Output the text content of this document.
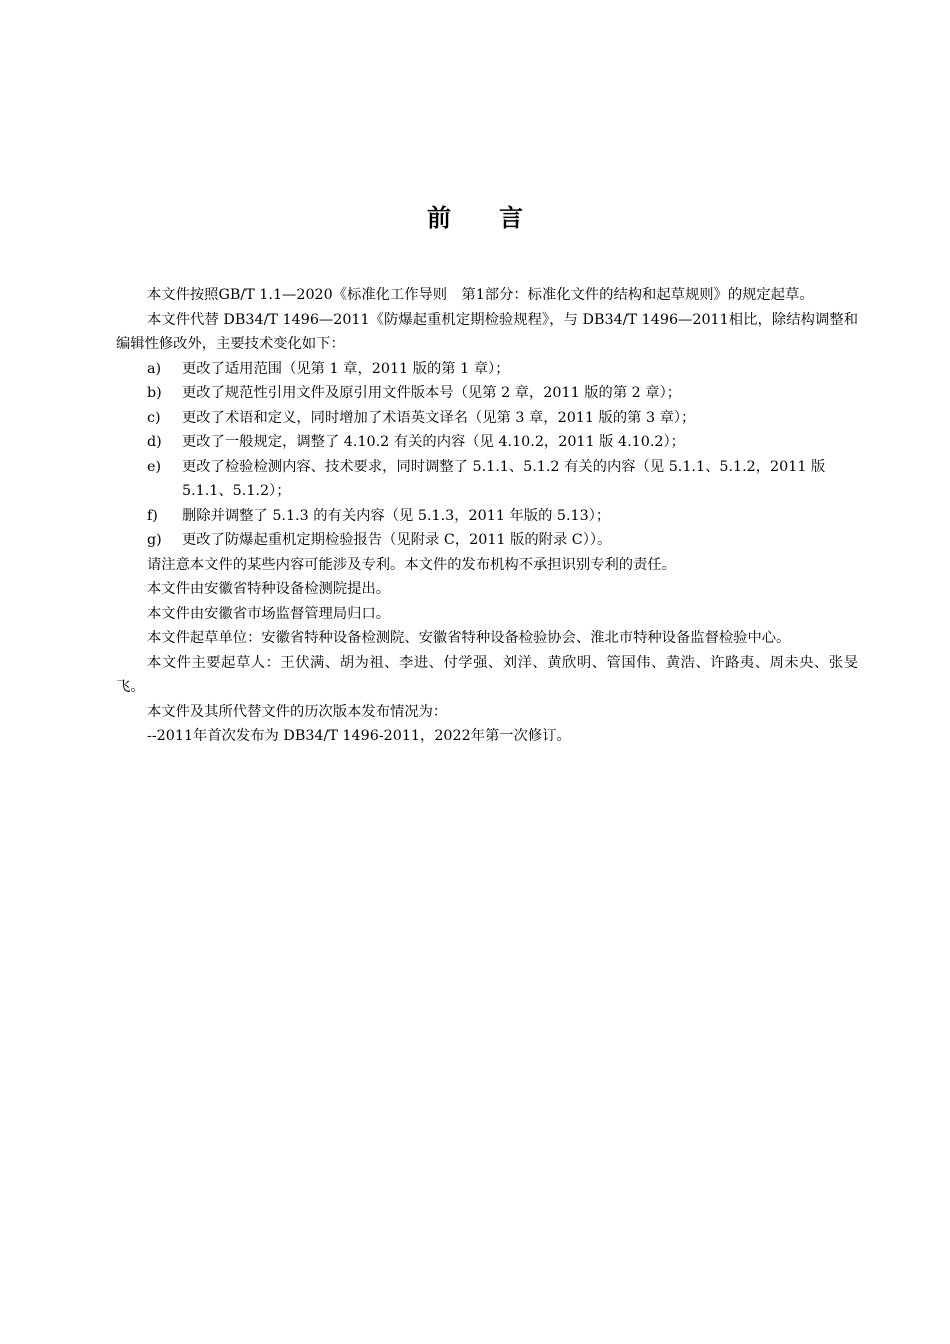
前言

本文件按照GB/T 1.1—2020《标准化工作导则　第1部分：标准化文件的结构和起草规则》的规定起草。

本文件代替 DB34/T 1496—2011《防爆起重机定期检验规程》，与 DB34/T 1496—2011相比，除结构调整和编辑性修改外，主要技术变化如下：

a) 更改了适用范围（见第 1 章，2011 版的第 1 章）；

b) 更改了规范性引用文件及原引用文件版本号（见第 2 章，2011 版的第 2 章）；

c) 更改了术语和定义，同时增加了术语英文译名（见第 3 章，2011 版的第 3 章）；

d) 更改了一般规定，调整了 4.10.2 有关的内容（见 4.10.2，2011 版 4.10.2）；

e) 更改了检验检测内容、技术要求，同时调整了 5.1.1、5.1.2 有关的内容（见 5.1.1、5.1.2，2011 版 5.1.1、5.1.2）；

f) 删除并调整了 5.1.3 的有关内容（见 5.1.3，2011 年版的 5.13）；

g) 更改了防爆起重机定期检验报告（见附录 C，2011 版的附录 C））。

请注意本文件的某些内容可能涉及专利。本文件的发布机构不承担识别专利的责任。

本文件由安徽省特种设备检测院提出。

本文件由安徽省市场监督管理局归口。

本文件起草单位：安徽省特种设备检测院、安徽省特种设备检验协会、淮北市特种设备监督检验中心。

本文件主要起草人：王伏满、胡为祖、李进、付学强、刘洋、黄欣明、管国伟、黄浩、许路夷、周未央、张旻飞。

本文件及其所代替文件的历次版本发布情况为：

--2011年首次发布为 DB34/T 1496-2011，2022年第一次修订。
